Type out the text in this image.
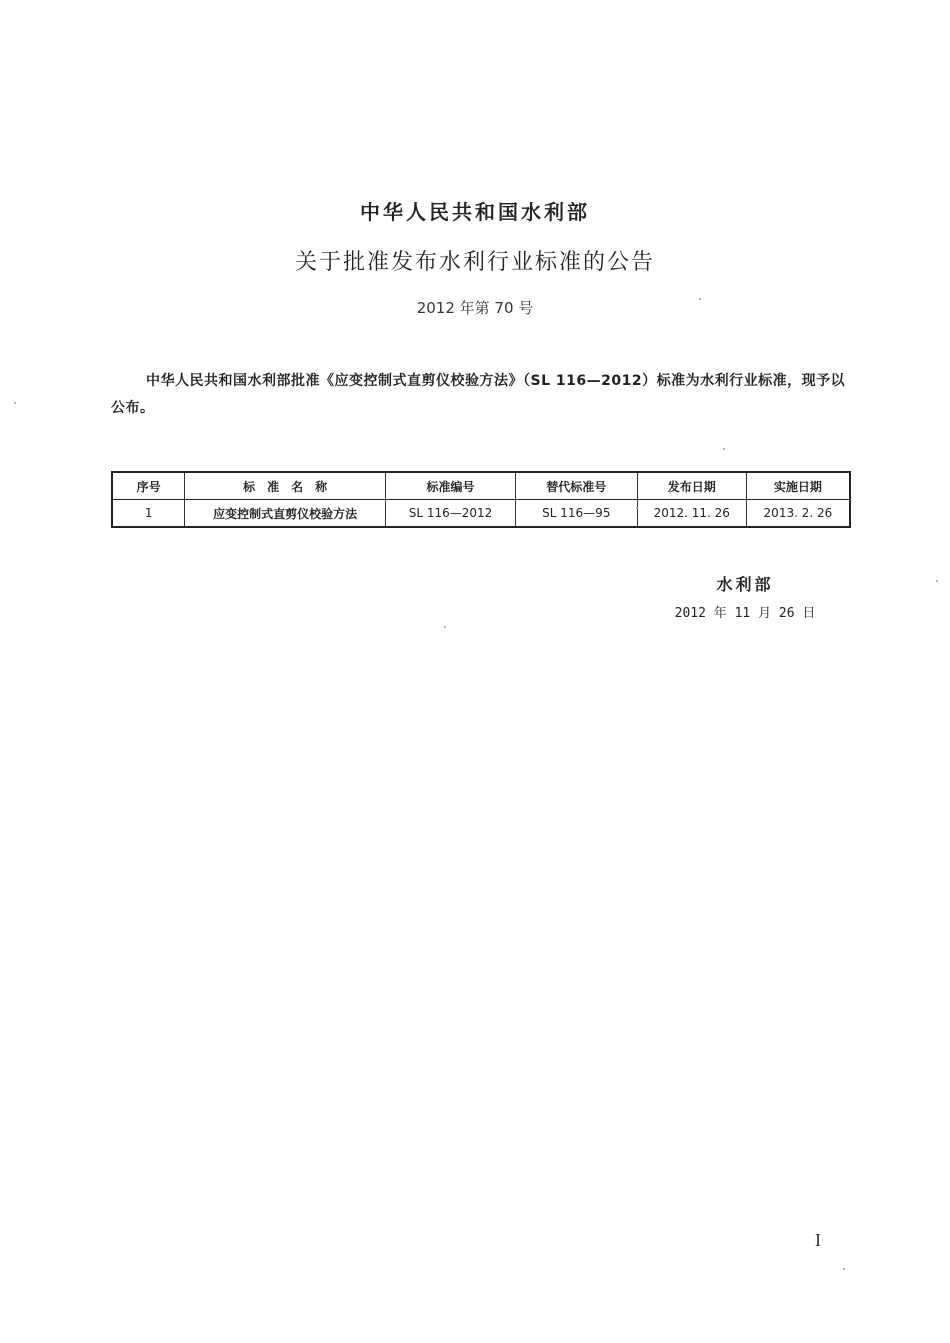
中华人民共和国水利部
关于批准发布水利行业标准的公告
2012 年第 70 号
中华人民共和国水利部批准《应变控制式直剪仪校验方法》（SL 116—2012）标准为水利行业标准，现予以公布。
序号	标　准　名　称	标准编号	替代标准号	发布日期	实施日期
1	应变控制式直剪仪校验方法	SL 116—2012	SL 116—95	2012. 11. 26	2013. 2. 26
水利部
2012 年 11 月 26 日
I
